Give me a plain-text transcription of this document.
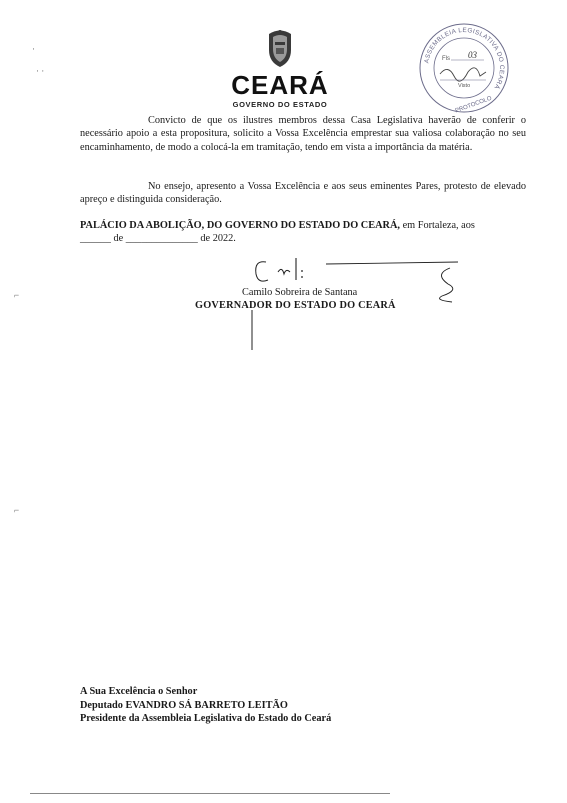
·
· ·
⌐
⌐
CEARÁ
GOVERNO DO ESTADO
ASSEMBLEIA LEGISLATIVA DO CEARÁ
PROTOCOLO
Fls 03
Visto
Convicto de que os ilustres membros dessa Casa Legislativa haverão de conferir o necessário apoio a esta propositura, solicito a Vossa Excelência emprestar sua valiosa colaboração no seu encaminhamento, de modo a colocá-la em tramitação, tendo em vista a importância da matéria.
No ensejo, apresento a Vossa Excelência e aos seus eminentes Pares, protesto de elevado apreço e distinguida consideração.
PALÁCIO DA ABOLIÇÃO, DO GOVERNO DO ESTADO DO CEARÁ, em Fortaleza, aos
______ de ______________ de 2022.
Camilo Sobreira de Santana
GOVERNADOR DO ESTADO DO CEARÁ
A Sua Excelência o Senhor
Deputado EVANDRO SÁ BARRETO LEITÃO
Presidente da Assembleia Legislativa do Estado do Ceará
